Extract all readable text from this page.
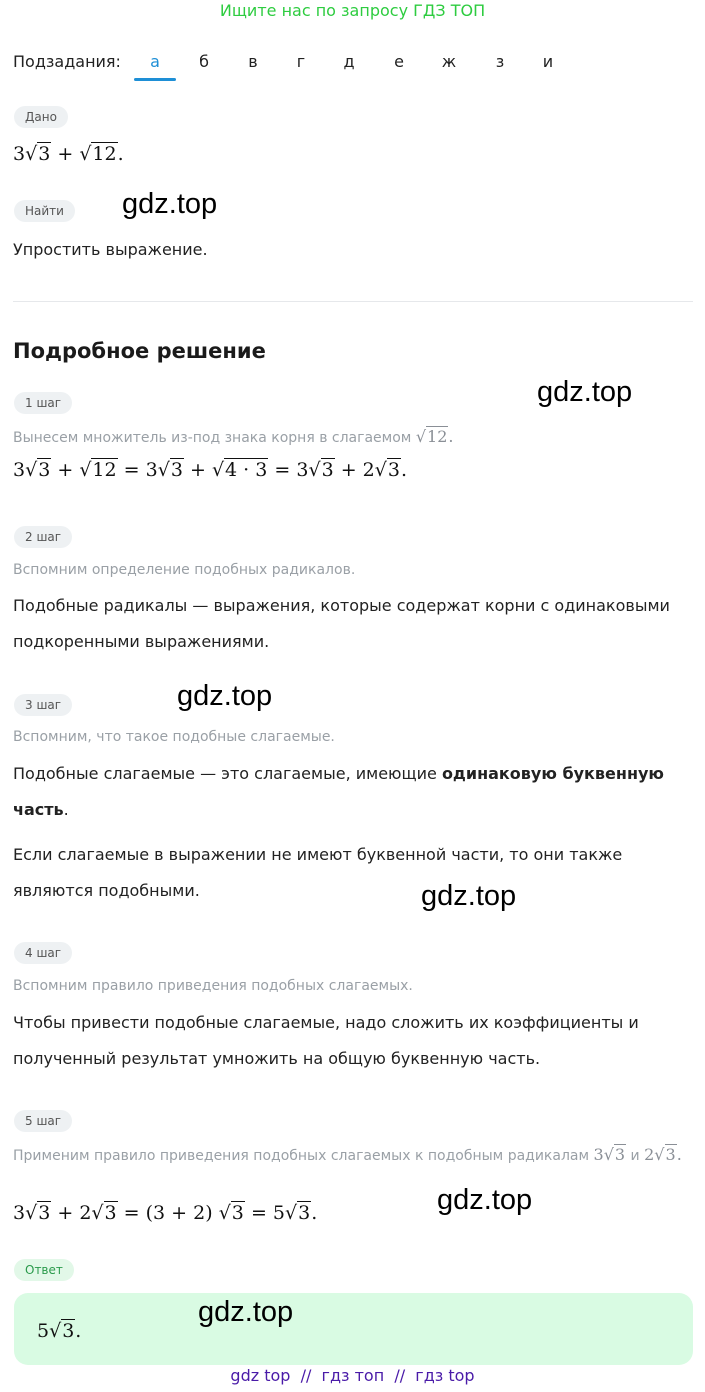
Ищите нас по запросу ГДЗ ТОП
Подзадания:	а	б	в	г	д	е	ж	з	и
Дано
3√3 + √12.
Найти
Упростить выражение.
Подробное решение
1 шаг
Вынесем множитель из-под знака корня в слагаемом √12.
3√3 + √12 = 3√3 + √4 · 3 = 3√3 + 2√3.
2 шаг
Вспомним определение подобных радикалов.
Подобные радикалы — выражения, которые содержат корни с одинаковыми
подкоренными выражениями.
3 шаг
Вспомним, что такое подобные слагаемые.
Подобные слагаемые — это слагаемые, имеющие одинаковую буквенную
часть.
Если слагаемые в выражении не имеют буквенной части, то они также
являются подобными.
4 шаг
Вспомним правило приведения подобных слагаемых.
Чтобы привести подобные слагаемые, надо сложить их коэффициенты и
полученный результат умножить на общую буквенную часть.
5 шаг
Применим правило приведения подобных слагаемых к подобным радикалам 3√3 и 2√3.
3√3 + 2√3 = (3 + 2) √3 = 5√3.
Ответ
5√3.
gdz.top
gdz.top
gdz.top
gdz.top
gdz.top
gdz.top
gdz top  //  гдз топ  //  гдз top
